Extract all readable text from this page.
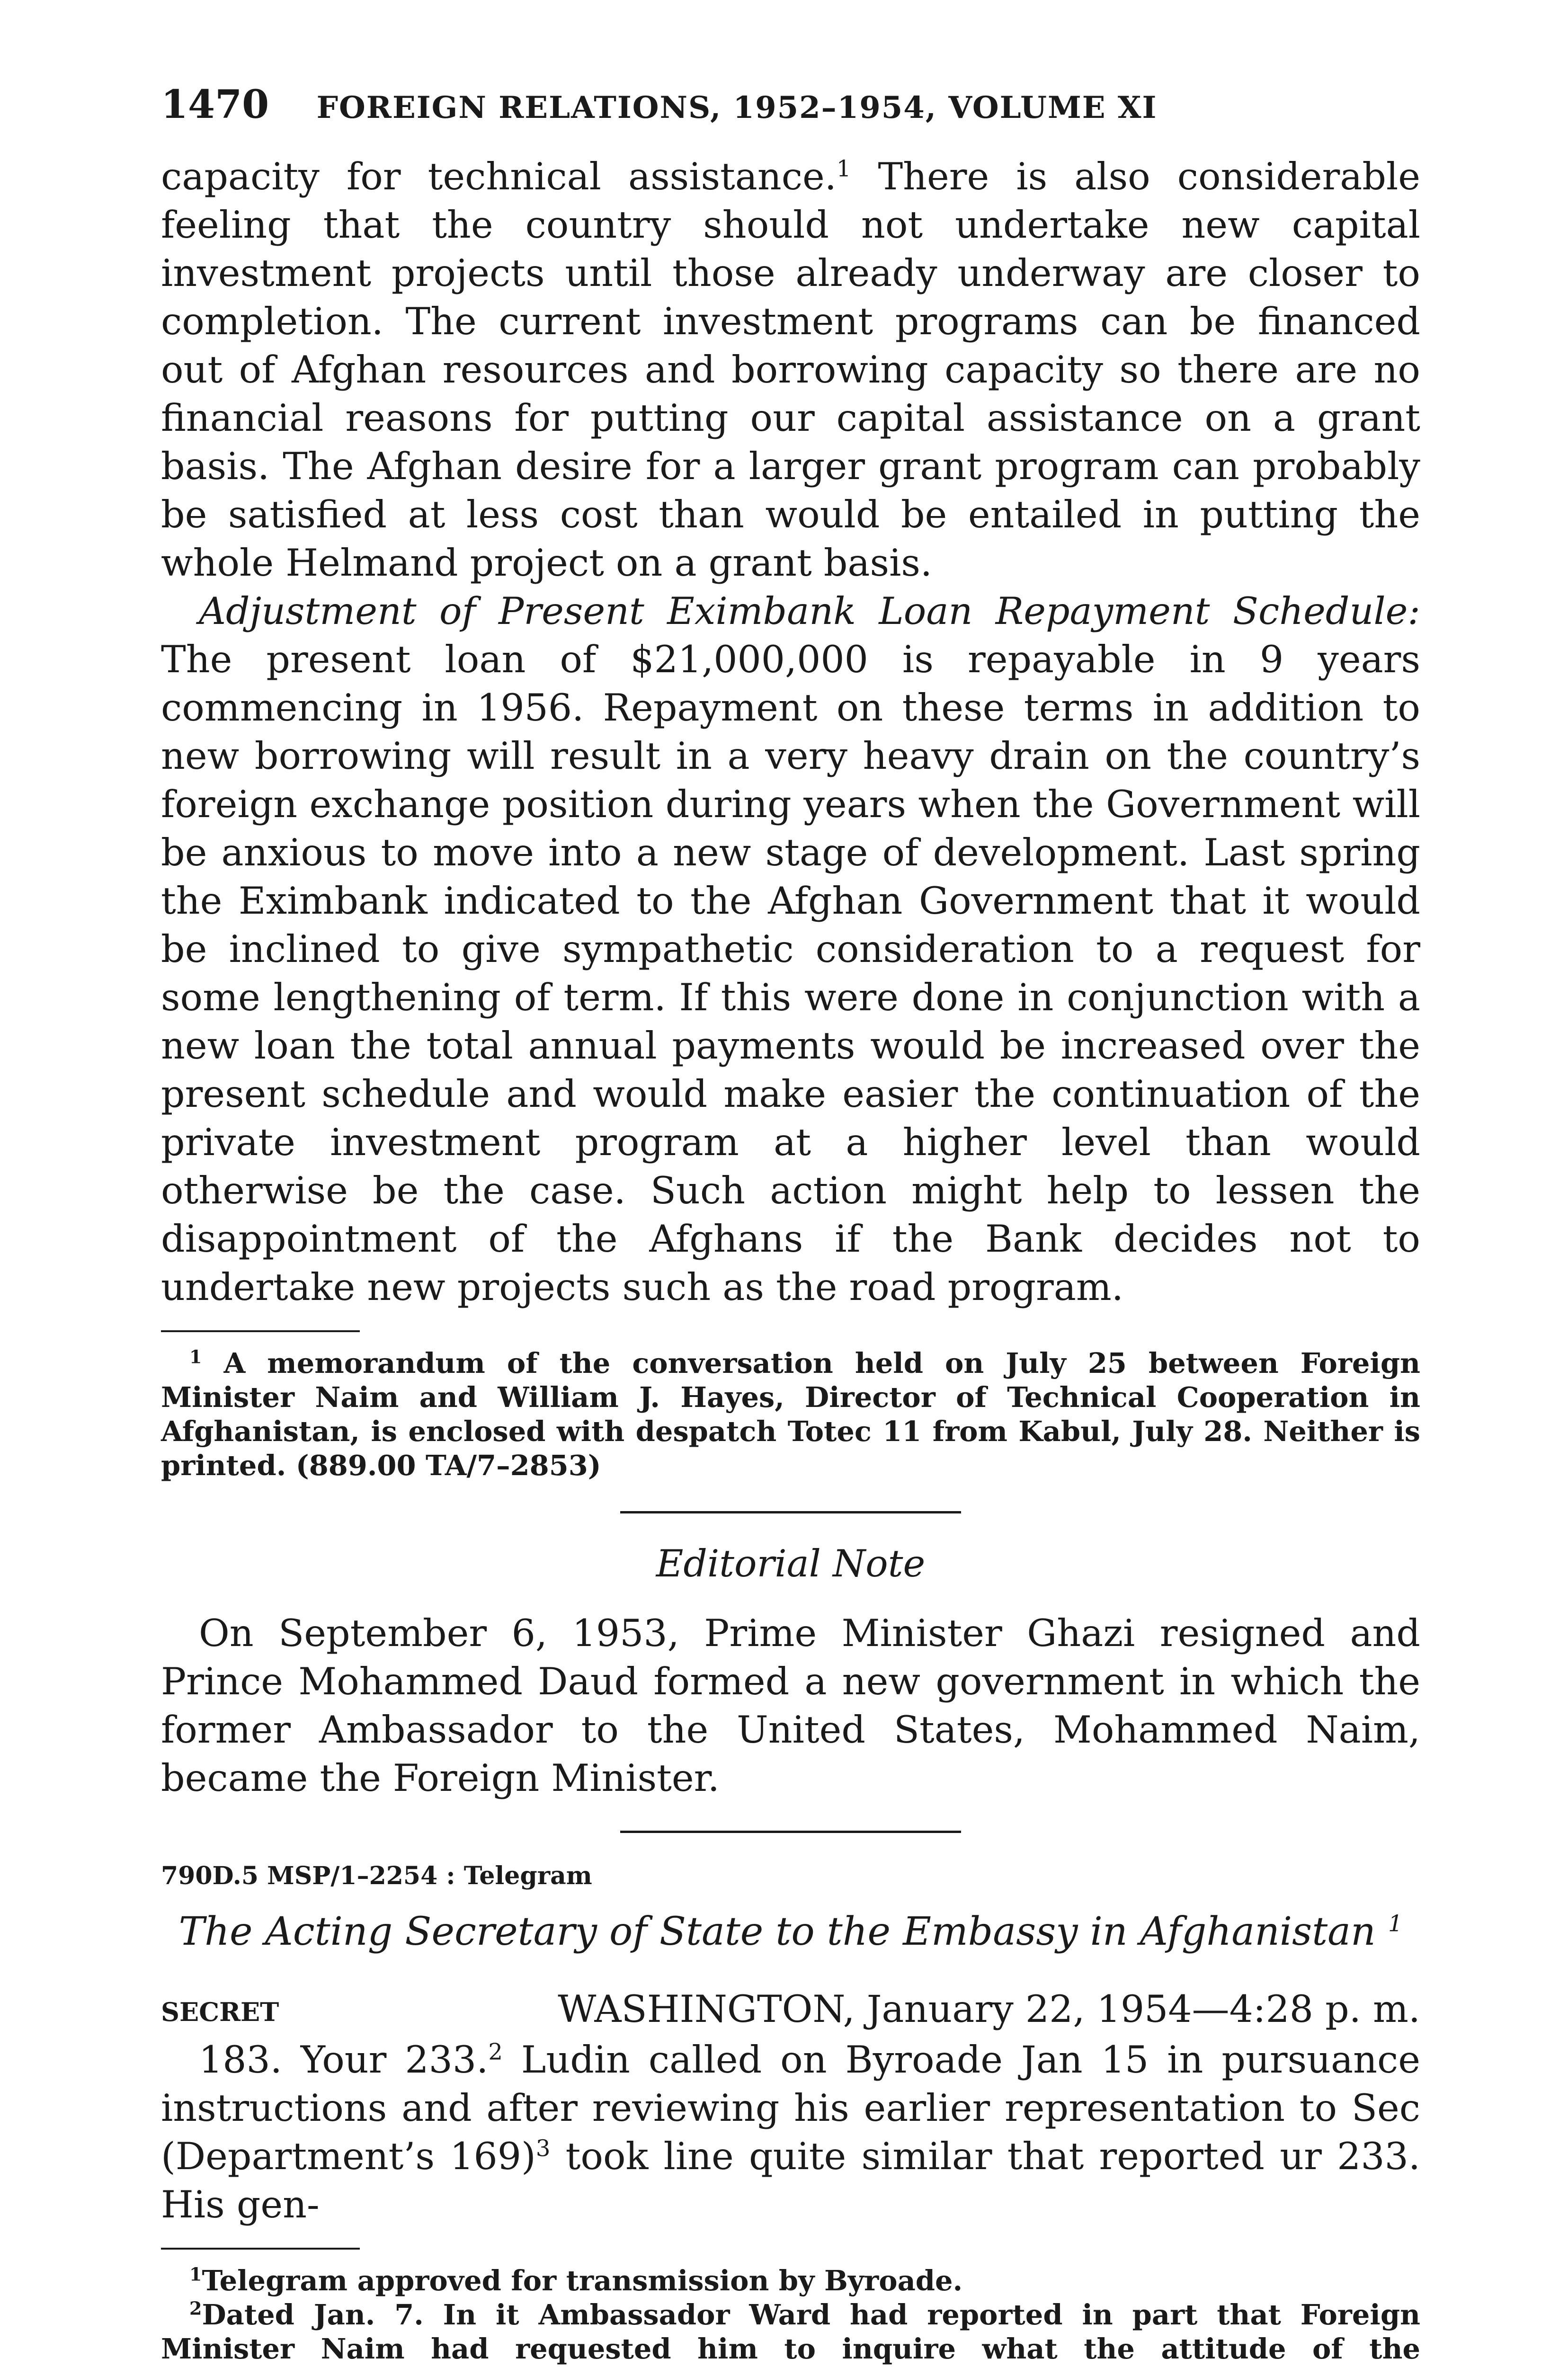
1470 FOREIGN RELATIONS, 1952–1954, VOLUME XI

capacity for technical assistance.$^1$ There is also considerable feeling that the country should not undertake new capital investment projects until those already underway are closer to completion. The current investment programs can be financed out of Afghan resources and borrowing capacity so there are no financial reasons for putting our capital assistance on a grant basis. The Afghan desire for a larger grant program can probably be satisfied at less cost than would be entailed in putting the whole Helmand project on a grant basis.

Adjustment of Present Eximbank Loan Repayment Schedule: The present loan of $21,000,000 is repayable in 9 years commencing in 1956. Repayment on these terms in addition to new borrowing will result in a very heavy drain on the country’s foreign exchange position during years when the Government will be anxious to move into a new stage of development. Last spring the Eximbank indicated to the Afghan Government that it would be inclined to give sympathetic consideration to a request for some lengthening of term. If this were done in conjunction with a new loan the total annual payments would be increased over the present schedule and would make easier the continuation of the private investment program at a higher level than would otherwise be the case. Such action might help to lessen the disappointment of the Afghans if the Bank decides not to undertake new projects such as the road program.

$^1$ A memorandum of the conversation held on July 25 between Foreign Minister Naim and William J. Hayes, Director of Technical Cooperation in Afghanistan, is enclosed with despatch Totec 11 from Kabul, July 28. Neither is printed. (889.00 TA/7–2853)

Editorial Note

On September 6, 1953, Prime Minister Ghazi resigned and Prince Mohammed Daud formed a new government in which the former Ambassador to the United States, Mohammed Naim, became the Foreign Minister.

790D.5 MSP/1–2254 : Telegram
The Acting Secretary of State to the Embassy in Afghanistan $^1$
SECRET	WASHINGTON, January 22, 1954—4:28 p. m.

183. Your 233.$^2$ Ludin called on Byroade Jan 15 in pursuance instructions and after reviewing his earlier representation to Sec (Department’s 169)$^3$ took line quite similar that reported ur 233. His gen-

$^1$Telegram approved for transmission by Byroade.

$^2$Dated Jan. 7. In it Ambassador Ward had reported in part that Foreign Minister Naim had requested him to inquire what the attitude of the
